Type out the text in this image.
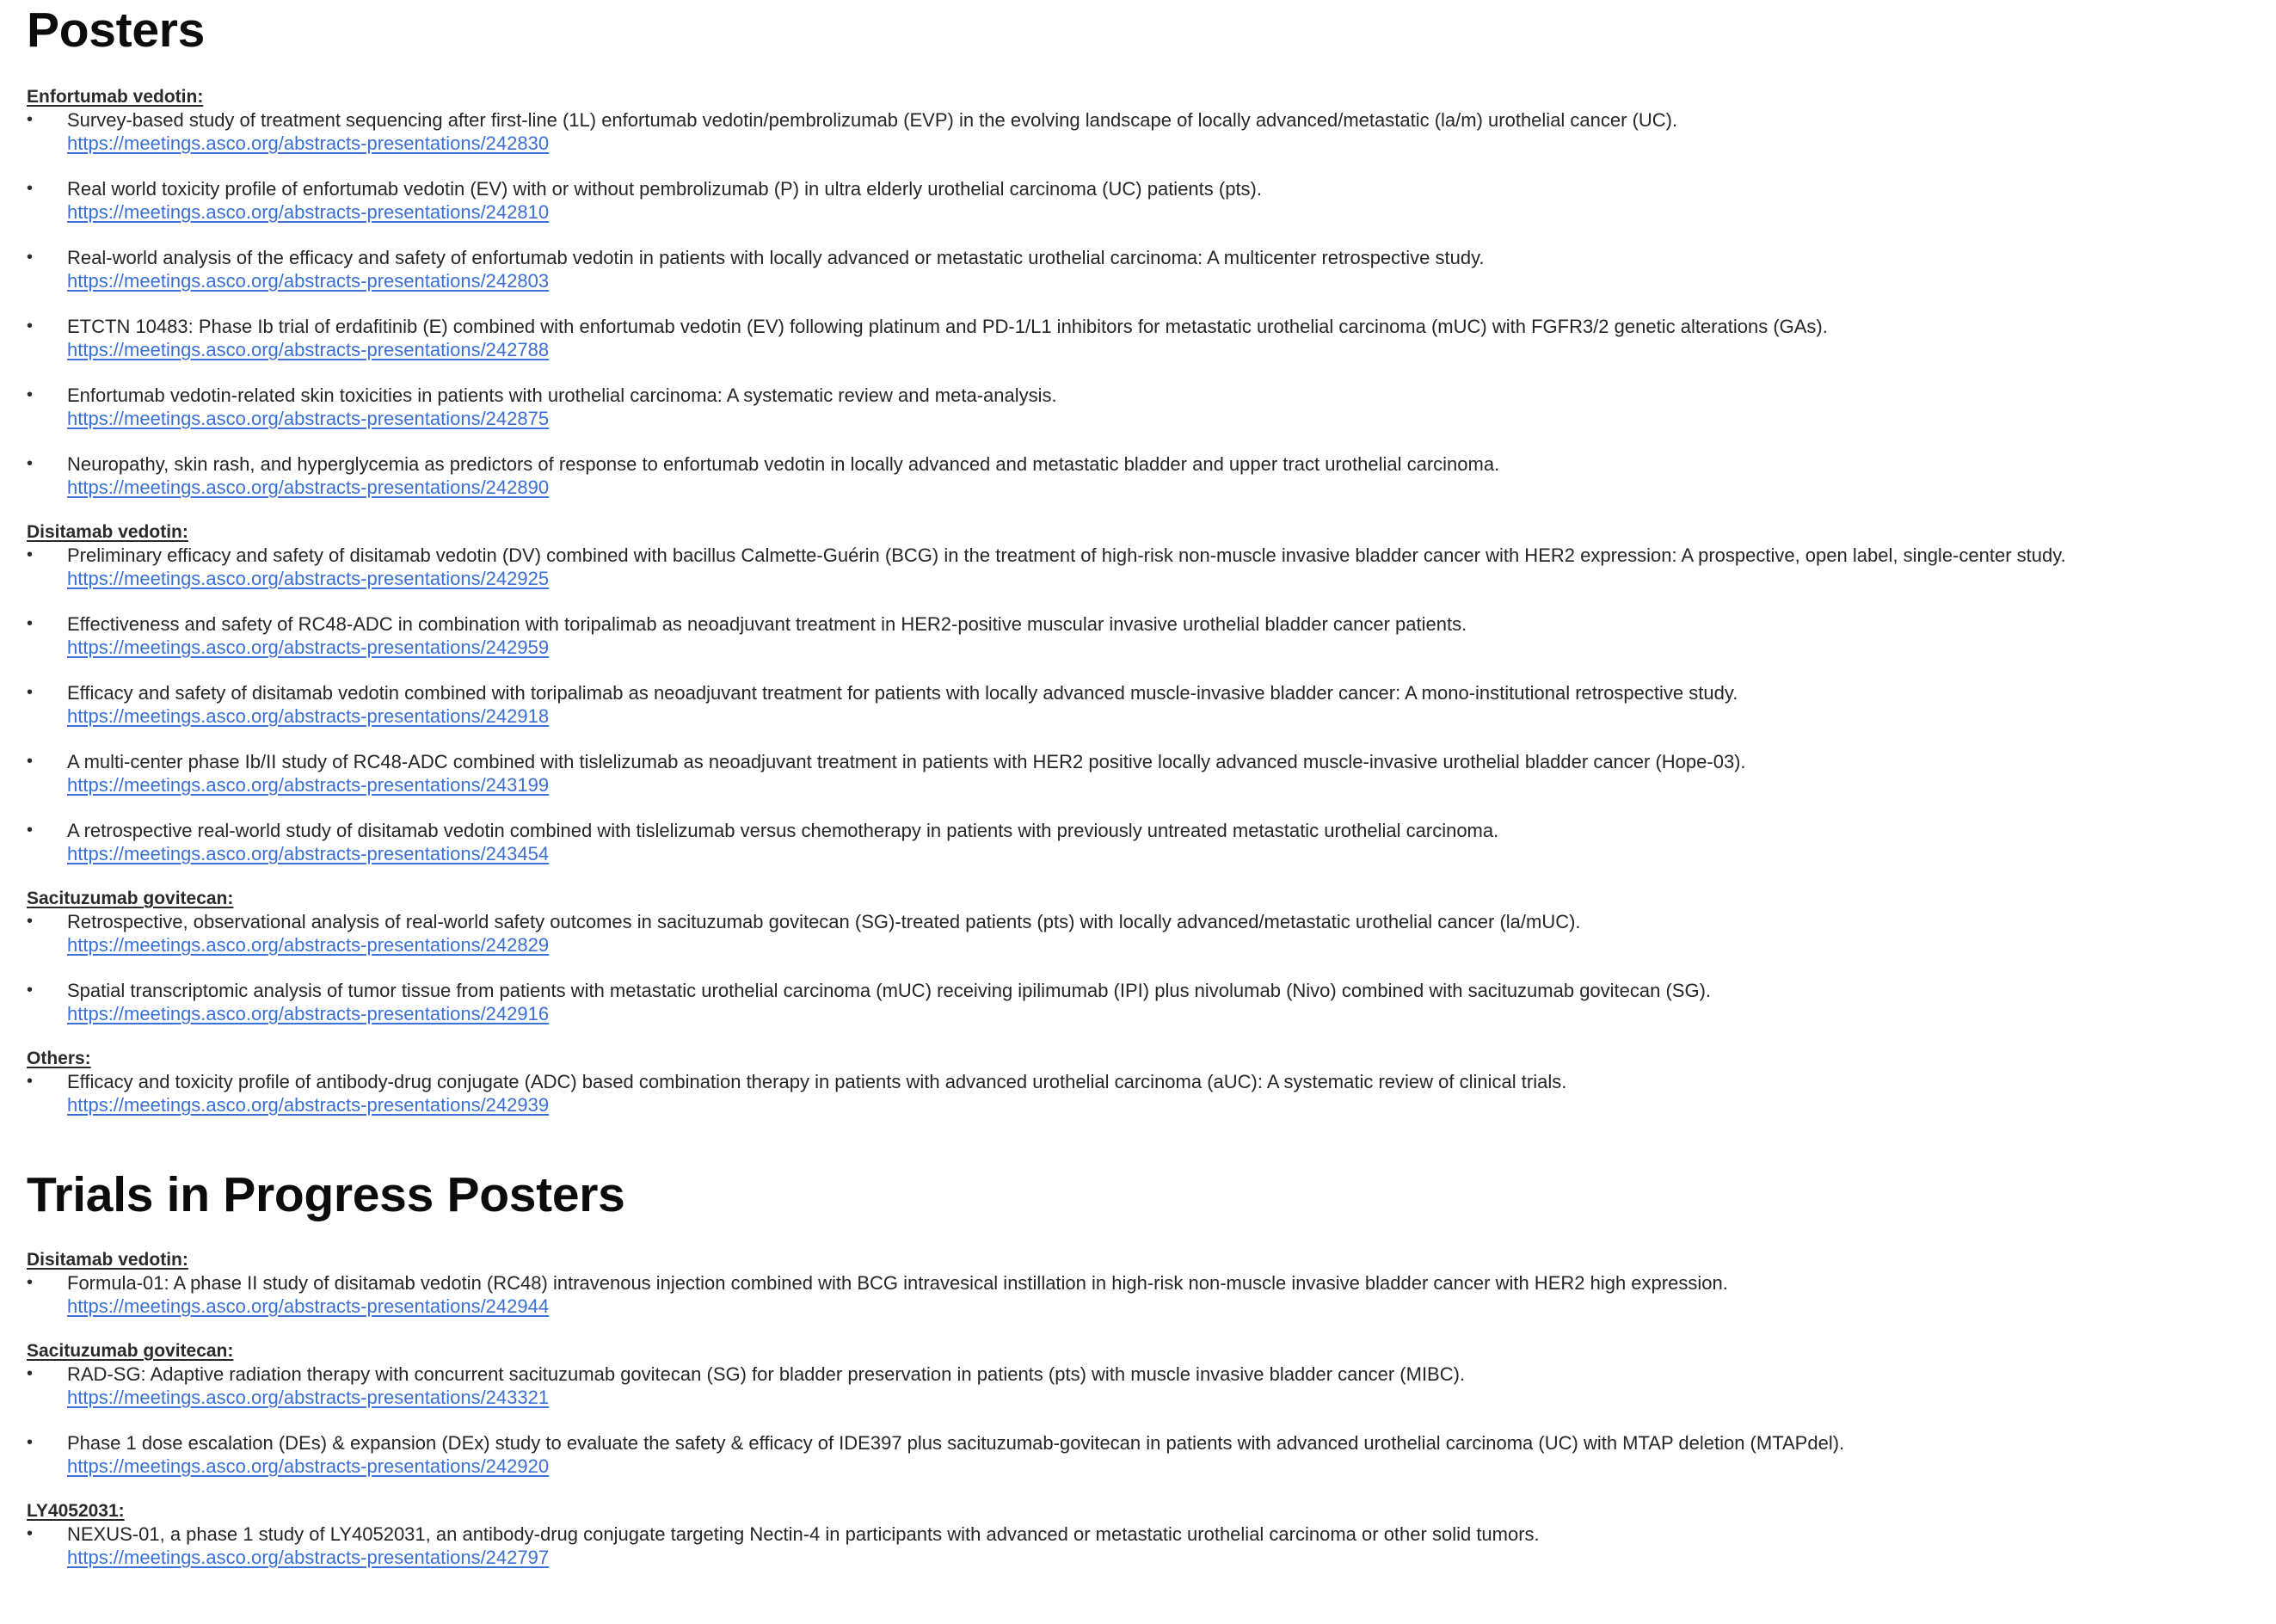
Posters
Enfortumab vedotin:
• Survey-based study of treatment sequencing after first-line (1L) enfortumab vedotin/pembrolizumab (EVP) in the evolving landscape of locally advanced/metastatic (la/m) urothelial cancer (UC).
https://meetings.asco.org/abstracts-presentations/242830
• Real world toxicity profile of enfortumab vedotin (EV) with or without pembrolizumab (P) in ultra elderly urothelial carcinoma (UC) patients (pts).
https://meetings.asco.org/abstracts-presentations/242810
• Real-world analysis of the efficacy and safety of enfortumab vedotin in patients with locally advanced or metastatic urothelial carcinoma: A multicenter retrospective study.
https://meetings.asco.org/abstracts-presentations/242803
• ETCTN 10483: Phase Ib trial of erdafitinib (E) combined with enfortumab vedotin (EV) following platinum and PD-1/L1 inhibitors for metastatic urothelial carcinoma (mUC) with FGFR3/2 genetic alterations (GAs).
https://meetings.asco.org/abstracts-presentations/242788
• Enfortumab vedotin-related skin toxicities in patients with urothelial carcinoma: A systematic review and meta-analysis.
https://meetings.asco.org/abstracts-presentations/242875
• Neuropathy, skin rash, and hyperglycemia as predictors of response to enfortumab vedotin in locally advanced and metastatic bladder and upper tract urothelial carcinoma.
https://meetings.asco.org/abstracts-presentations/242890
Disitamab vedotin:
• Preliminary efficacy and safety of disitamab vedotin (DV) combined with bacillus Calmette-Guérin (BCG) in the treatment of high-risk non-muscle invasive bladder cancer with HER2 expression: A prospective, open label, single-center study.
https://meetings.asco.org/abstracts-presentations/242925
• Effectiveness and safety of RC48-ADC in combination with toripalimab as neoadjuvant treatment in HER2-positive muscular invasive urothelial bladder cancer patients.
https://meetings.asco.org/abstracts-presentations/242959
• Efficacy and safety of disitamab vedotin combined with toripalimab as neoadjuvant treatment for patients with locally advanced muscle-invasive bladder cancer: A mono-institutional retrospective study.
https://meetings.asco.org/abstracts-presentations/242918
• A multi-center phase Ib/II study of RC48-ADC combined with tislelizumab as neoadjuvant treatment in patients with HER2 positive locally advanced muscle-invasive urothelial bladder cancer (Hope-03).
https://meetings.asco.org/abstracts-presentations/243199
• A retrospective real-world study of disitamab vedotin combined with tislelizumab versus chemotherapy in patients with previously untreated metastatic urothelial carcinoma.
https://meetings.asco.org/abstracts-presentations/243454
Sacituzumab govitecan:
• Retrospective, observational analysis of real-world safety outcomes in sacituzumab govitecan (SG)-treated patients (pts) with locally advanced/metastatic urothelial cancer (la/mUC).
https://meetings.asco.org/abstracts-presentations/242829
• Spatial transcriptomic analysis of tumor tissue from patients with metastatic urothelial carcinoma (mUC) receiving ipilimumab (IPI) plus nivolumab (Nivo) combined with sacituzumab govitecan (SG).
https://meetings.asco.org/abstracts-presentations/242916
Others:
• Efficacy and toxicity profile of antibody-drug conjugate (ADC) based combination therapy in patients with advanced urothelial carcinoma (aUC): A systematic review of clinical trials.
https://meetings.asco.org/abstracts-presentations/242939
Trials in Progress Posters
Disitamab vedotin:
• Formula-01: A phase II study of disitamab vedotin (RC48) intravenous injection combined with BCG intravesical instillation in high-risk non-muscle invasive bladder cancer with HER2 high expression.
https://meetings.asco.org/abstracts-presentations/242944
Sacituzumab govitecan:
• RAD-SG: Adaptive radiation therapy with concurrent sacituzumab govitecan (SG) for bladder preservation in patients (pts) with muscle invasive bladder cancer (MIBC).
https://meetings.asco.org/abstracts-presentations/243321
• Phase 1 dose escalation (DEs) & expansion (DEx) study to evaluate the safety & efficacy of IDE397 plus sacituzumab-govitecan in patients with advanced urothelial carcinoma (UC) with MTAP deletion (MTAPdel).
https://meetings.asco.org/abstracts-presentations/242920
LY4052031:
• NEXUS-01, a phase 1 study of LY4052031, an antibody-drug conjugate targeting Nectin-4 in participants with advanced or metastatic urothelial carcinoma or other solid tumors.
https://meetings.asco.org/abstracts-presentations/242797
